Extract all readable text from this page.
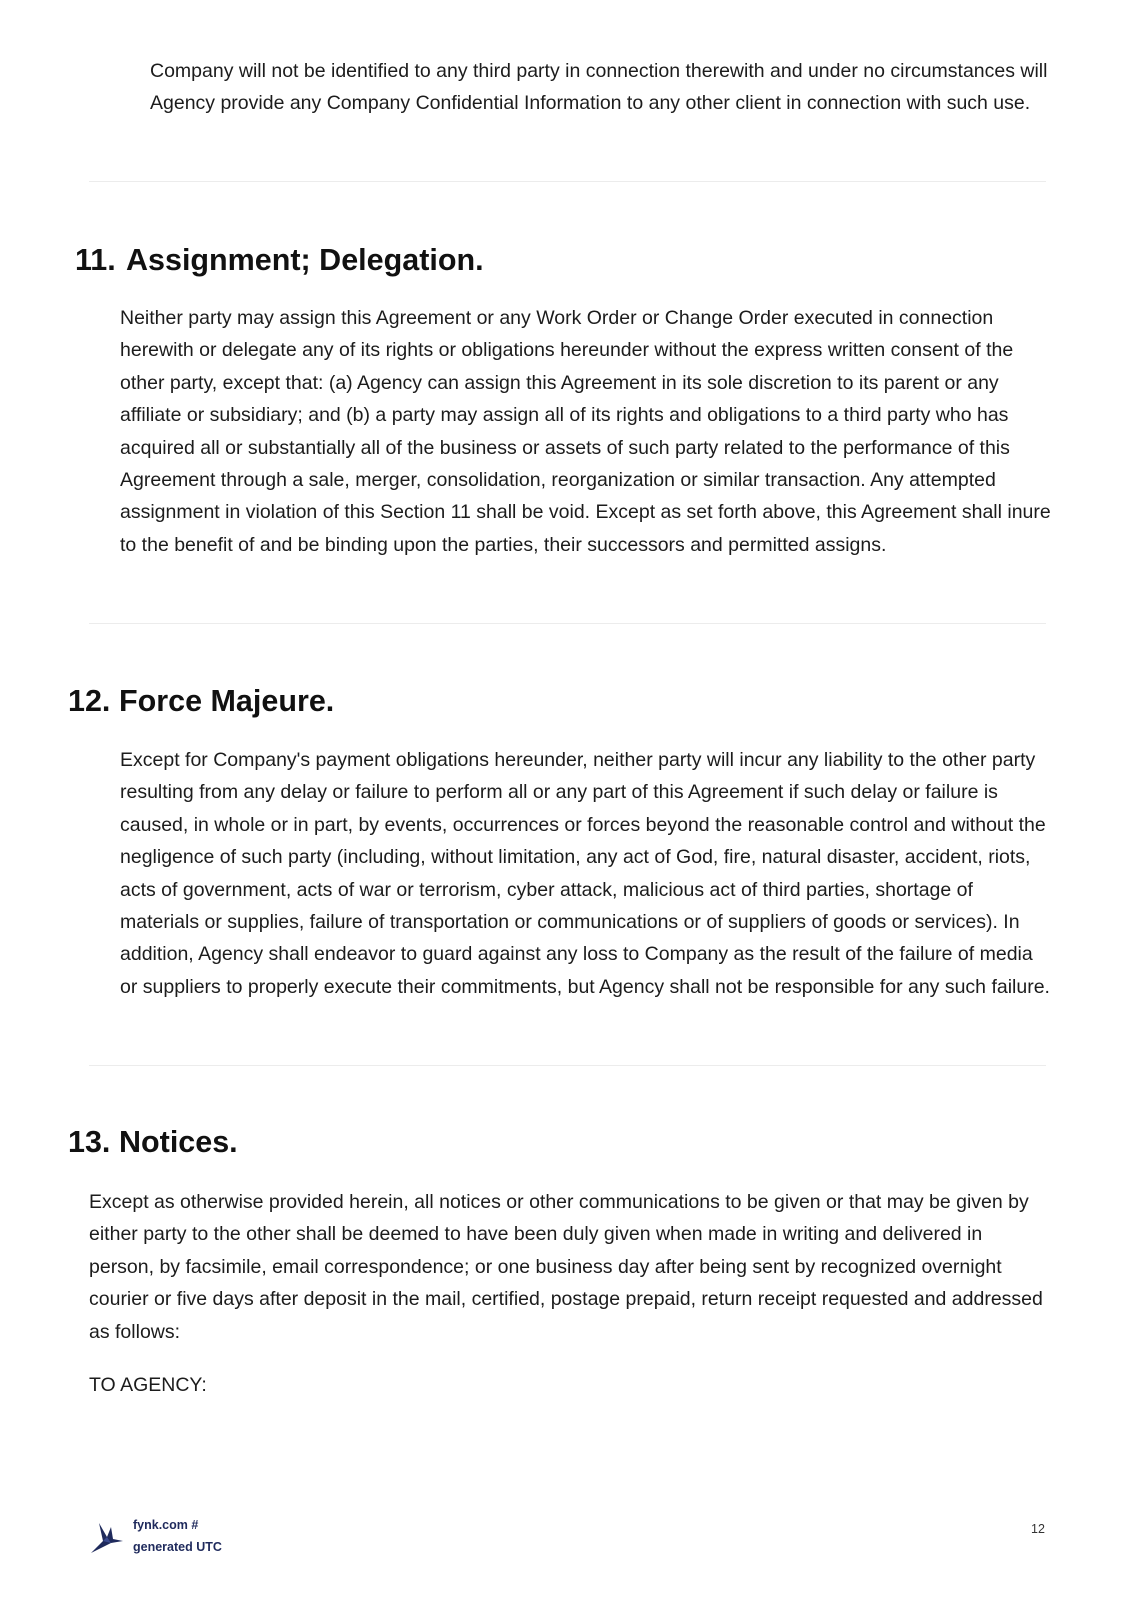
Company will not be identified to any third party in connection therewith and under no circumstances will Agency provide any Company Confidential Information to any other client in connection with such use.

11. Assignment; Delegation.

Neither party may assign this Agreement or any Work Order or Change Order executed in connection herewith or delegate any of its rights or obligations hereunder without the express written consent of the other party, except that: (a) Agency can assign this Agreement in its sole discretion to its parent or any affiliate or subsidiary; and (b) a party may assign all of its rights and obligations to a third party who has acquired all or substantially all of the business or assets of such party related to the performance of this Agreement through a sale, merger, consolidation, reorganization or similar transaction. Any attempted assignment in violation of this Section 11 shall be void. Except as set forth above, this Agreement shall inure to the benefit of and be binding upon the parties, their successors and permitted assigns.

12. Force Majeure.

Except for Company's payment obligations hereunder, neither party will incur any liability to the other party resulting from any delay or failure to perform all or any part of this Agreement if such delay or failure is caused, in whole or in part, by events, occurrences or forces beyond the reasonable control and without the negligence of such party (including, without limitation, any act of God, fire, natural disaster, accident, riots, acts of government, acts of war or terrorism, cyber attack, malicious act of third parties, shortage of materials or supplies, failure of transportation or communications or of suppliers of goods or services). In addition, Agency shall endeavor to guard against any loss to Company as the result of the failure of media or suppliers to properly execute their commitments, but Agency shall not be responsible for any such failure.

13. Notices.

Except as otherwise provided herein, all notices or other communications to be given or that may be given by either party to the other shall be deemed to have been duly given when made in writing and delivered in person, by facsimile, email correspondence; or one business day after being sent by recognized overnight courier or five days after deposit in the mail, certified, postage prepaid, return receipt requested and addressed as follows:

TO AGENCY:

fynk.com #
generated UTC
12
